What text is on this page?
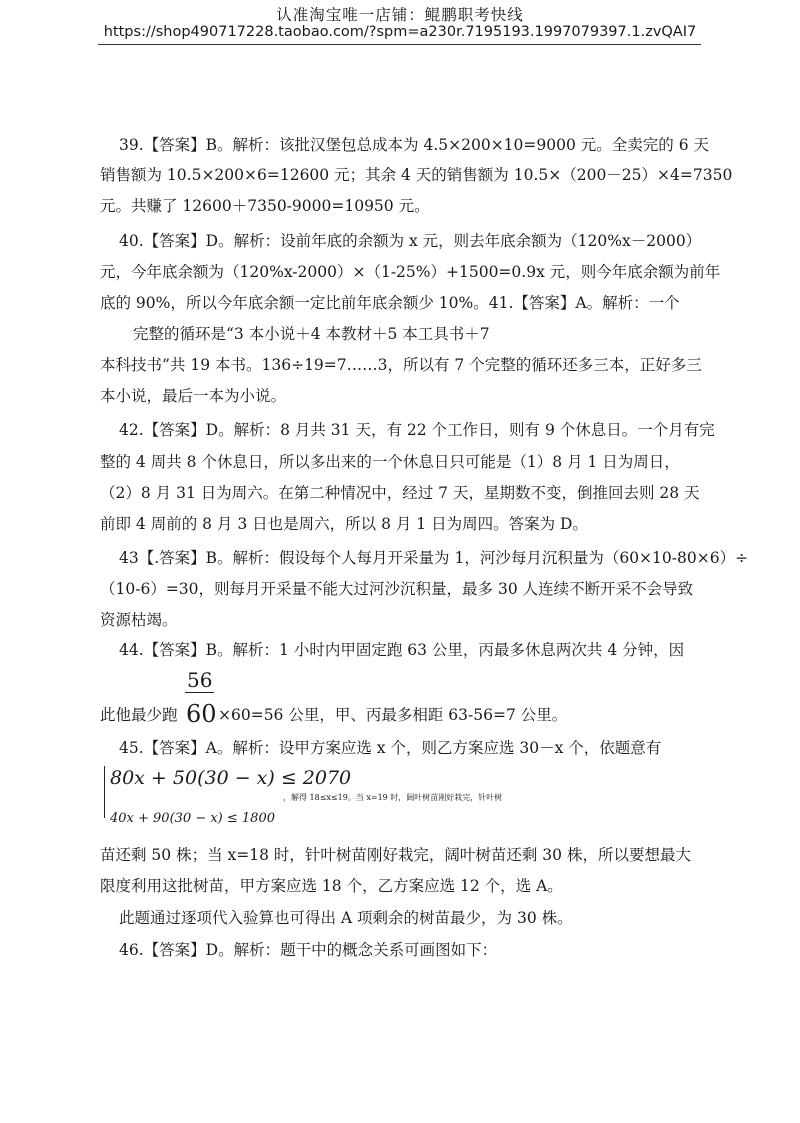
认准淘宝唯一店铺：鲲鹏职考快线
https://shop490717228.taobao.com/?spm=a230r.7195193.1997079397.1.zvQAI7
39.【答案】B。解析：该批汉堡包总成本为 4.5×200×10=9000 元。全卖完的 6 天
销售额为 10.5×200×6=12600 元；其余 4 天的销售额为 10.5×（200－25）×4=7350
元。共赚了 12600＋7350-9000=10950 元。
40.【答案】D。解析：设前年底的余额为 x 元，则去年底余额为（120%x－2000）
元，今年底余额为（120%x-2000）×（1-25%）+1500=0.9x 元，则今年底余额为前年
底的 90%，所以今年底余额一定比前年底余额少 10%。41.【答案】A。解析：一个
完整的循环是“3 本小说＋4 本教材＋5 本工具书＋7
本科技书”共 19 本书。136÷19=7……3，所以有 7 个完整的循环还多三本，正好多三
本小说，最后一本为小说。
42.【答案】D。解析：8 月共 31 天，有 22 个工作日，则有 9 个休息日。一个月有完
整的 4 周共 8 个休息日，所以多出来的一个休息日只可能是（1）8 月 1 日为周日，
（2）8 月 31 日为周六。在第二种情况中，经过 7 天，星期数不变，倒推回去则 28 天
前即 4 周前的 8 月 3 日也是周六，所以 8 月 1 日为周四。答案为 D。
43【.答案】B。解析：假设每个人每月开采量为 1，河沙每月沉积量为（60×10-80×6）÷
（10-6）=30，则每月开采量不能大过河沙沉积量，最多 30 人连续不断开采不会导致
资源枯竭。
44.【答案】B。解析：1 小时内甲固定跑 63 公里，丙最多休息两次共 4 分钟，因
56
此他最少跑 60 ×60=56 公里，甲、丙最多相距 63-56=7 公里。
45.【答案】A。解析：设甲方案应选 x 个，则乙方案应选 30－x 个，依题意有
80x + 50(30 − x) ≤ 2070
，解得 18≤x≤19。当 x=19 时，阔叶树苗刚好栽完，针叶树
40x + 90(30 − x) ≤ 1800
苗还剩 50 株；当 x=18 时，针叶树苗刚好栽完，阔叶树苗还剩 30 株，所以要想最大
限度利用这批树苗，甲方案应选 18 个，乙方案应选 12 个，选 A。
此题通过逐项代入验算也可得出 A 项剩余的树苗最少，为 30 株。
46.【答案】D。解析：题干中的概念关系可画图如下：
